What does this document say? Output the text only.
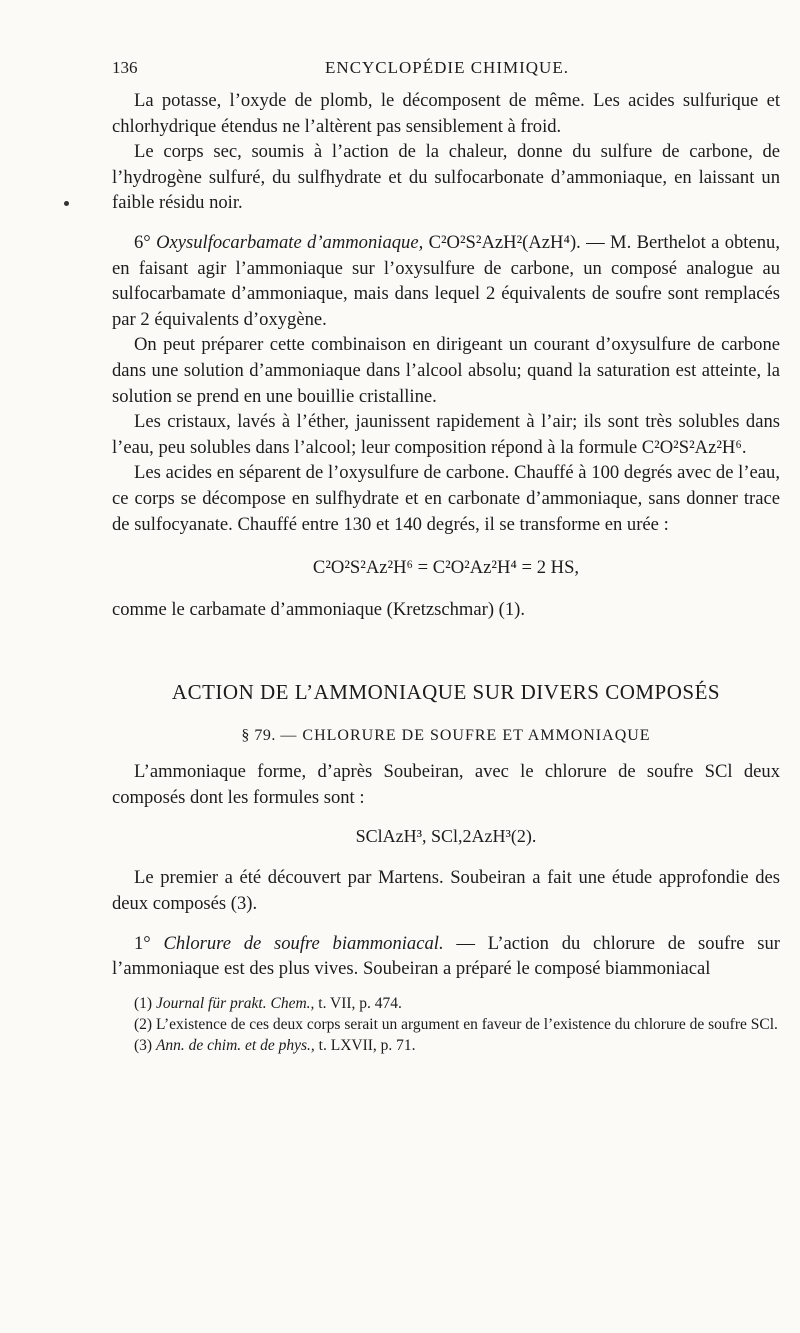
136	ENCYCLOPÉDIE CHIMIQUE.

La potasse, l’oxyde de plomb, le décomposent de même. Les acides sulfurique et chlorhydrique étendus ne l’altèrent pas sensiblement à froid.

Le corps sec, soumis à l’action de la chaleur, donne du sulfure de carbone, de l’hydrogène sulfuré, du sulfhydrate et du sulfocarbonate d’ammoniaque, en laissant un faible résidu noir.

6° Oxysulfocarbamate d’ammoniaque, C²O²S²AzH²(AzH⁴). — M. Berthelot a obtenu, en faisant agir l’ammoniaque sur l’oxysulfure de carbone, un composé analogue au sulfocarbamate d’ammoniaque, mais dans lequel 2 équivalents de soufre sont remplacés par 2 équivalents d’oxygène.

On peut préparer cette combinaison en dirigeant un courant d’oxysulfure de carbone dans une solution d’ammoniaque dans l’alcool absolu; quand la saturation est atteinte, la solution se prend en une bouillie cristalline.

Les cristaux, lavés à l’éther, jaunissent rapidement à l’air; ils sont très solubles dans l’eau, peu solubles dans l’alcool; leur composition répond à la formule C²O²S²Az²H⁶.

Les acides en séparent de l’oxysulfure de carbone. Chauffé à 100 degrés avec de l’eau, ce corps se décompose en sulfhydrate et en carbonate d’ammoniaque, sans donner trace de sulfocyanate. Chauffé entre 130 et 140 degrés, il se transforme en urée :

C²O²S²Az²H⁶ = C²O²Az²H⁴ = 2 HS,

comme le carbamate d’ammoniaque (Kretzschmar) (1).

ACTION DE L’AMMONIAQUE SUR DIVERS COMPOSÉS
§ 79. — CHLORURE DE SOUFRE ET AMMONIAQUE

L’ammoniaque forme, d’après Soubeiran, avec le chlorure de soufre SCl deux composés dont les formules sont :

SClAzH³, SCl,2AzH³(2).

Le premier a été découvert par Martens. Soubeiran a fait une étude approfondie des deux composés (3).

1° Chlorure de soufre biammoniacal. — L’action du chlorure de soufre sur l’ammoniaque est des plus vives. Soubeiran a préparé le composé biammoniacal

(1) Journal für prakt. Chem., t. VII, p. 474.

(2) L’existence de ces deux corps serait un argument en faveur de l’existence du chlorure de soufre SCl.

(3) Ann. de chim. et de phys., t. LXVII, p. 71.
